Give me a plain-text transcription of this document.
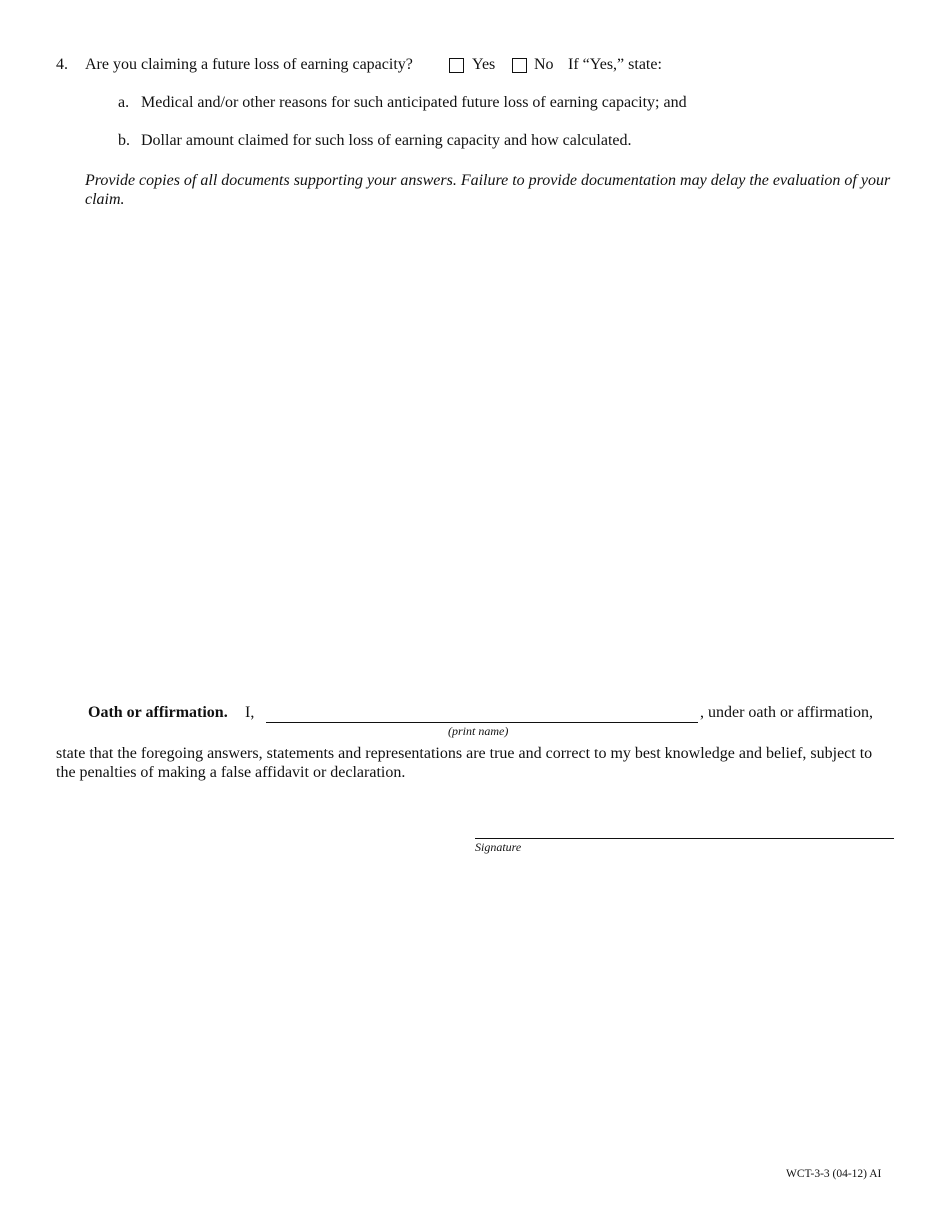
4. Are you claiming a future loss of earning capacity?	Yes No If “Yes,” state:
a. Medical and/or other reasons for such anticipated future loss of earning capacity; and
b. Dollar amount claimed for such loss of earning capacity and how calculated.
Provide copies of all documents supporting your answers. Failure to provide documentation may delay the evaluation of your claim.
Oath or affirmation. I,
(print name)
, under oath or affirmation,
state that the foregoing answers, statements and representations are true and correct to my best knowledge and belief, subject to the penalties of making a false affidavit or declaration.
Signature
WCT-3-3 (04-12) AI
